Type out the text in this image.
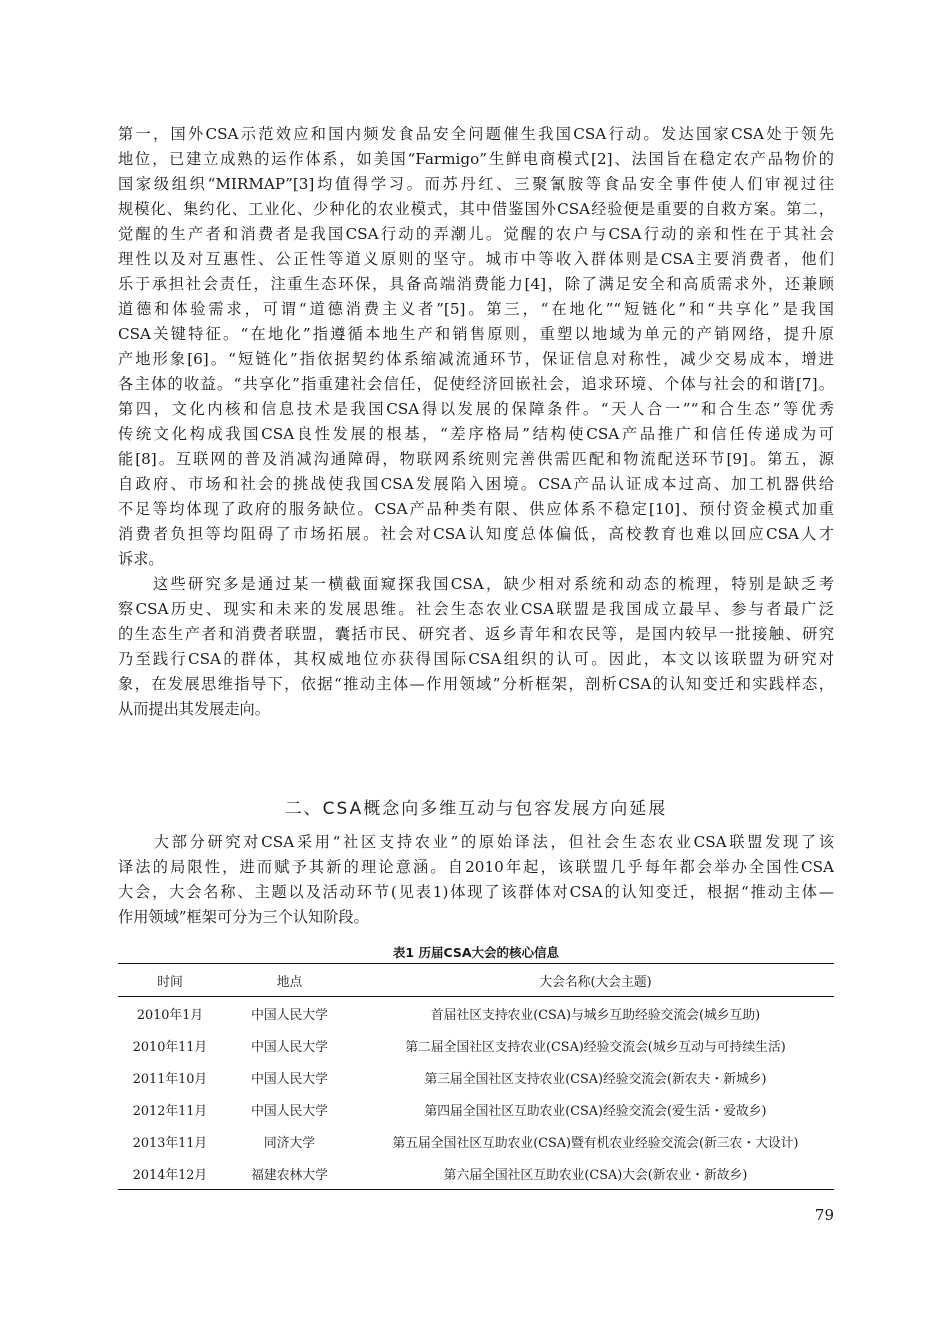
第一，国外CSA示范效应和国内频发食品安全问题催生我国CSA行动。发达国家CSA处于领先
地位，已建立成熟的运作体系，如美国“Farmigo”生鲜电商模式[2]、法国旨在稳定农产品物价的
国家级组织“MIRMAP”[3]均值得学习。而苏丹红、三聚氰胺等食品安全事件使人们审视过往
规模化、集约化、工业化、少种化的农业模式，其中借鉴国外CSA经验便是重要的自救方案。第二，
觉醒的生产者和消费者是我国CSA行动的弄潮儿。觉醒的农户与CSA行动的亲和性在于其社会
理性以及对互惠性、公正性等道义原则的坚守。城市中等收入群体则是CSA主要消费者，他们
乐于承担社会责任，注重生态环保，具备高端消费能力[4]，除了满足安全和高质需求外，还兼顾
道德和体验需求，可谓“道德消费主义者”[5]。第三，“在地化”“短链化”和“共享化”是我国
CSA关键特征。“在地化”指遵循本地生产和销售原则，重塑以地域为单元的产销网络，提升原
产地形象[6]。“短链化”指依据契约体系缩减流通环节，保证信息对称性，减少交易成本，增进
各主体的收益。“共享化”指重建社会信任，促使经济回嵌社会，追求环境、个体与社会的和谐[7]。
第四，文化内核和信息技术是我国CSA得以发展的保障条件。“天人合一”“和合生态”等优秀
传统文化构成我国CSA良性发展的根基，“差序格局”结构使CSA产品推广和信任传递成为可
能[8]。互联网的普及消减沟通障碍，物联网系统则完善供需匹配和物流配送环节[9]。第五，源
自政府、市场和社会的挑战使我国CSA发展陷入困境。CSA产品认证成本过高、加工机器供给
不足等均体现了政府的服务缺位。CSA产品种类有限、供应体系不稳定[10]、预付资金模式加重
消费者负担等均阻碍了市场拓展。社会对CSA认知度总体偏低，高校教育也难以回应CSA人才
诉求。
　　这些研究多是通过某一横截面窥探我国CSA，缺少相对系统和动态的梳理，特别是缺乏考
察CSA历史、现实和未来的发展思维。社会生态农业CSA联盟是我国成立最早、参与者最广泛
的生态生产者和消费者联盟，囊括市民、研究者、返乡青年和农民等，是国内较早一批接触、研究
乃至践行CSA的群体，其权威地位亦获得国际CSA组织的认可。因此，本文以该联盟为研究对
象，在发展思维指导下，依据“推动主体—作用领域”分析框架，剖析CSA的认知变迁和实践样态，
从而提出其发展走向。
二、CSA概念向多维互动与包容发展方向延展
　　大部分研究对CSA采用“社区支持农业”的原始译法，但社会生态农业CSA联盟发现了该
译法的局限性，进而赋予其新的理论意涵。自2010年起，该联盟几乎每年都会举办全国性CSA
大会，大会名称、主题以及活动环节(见表1)体现了该群体对CSA的认知变迁，根据“推动主体—
作用领域”框架可分为三个认知阶段。
表1 历届CSA大会的核心信息
时间	地点	大会名称(大会主题)
2010年1月	中国人民大学	首届社区支持农业(CSA)与城乡互助经验交流会(城乡互助)
2010年11月	中国人民大学	第二届全国社区支持农业(CSA)经验交流会(城乡互动与可持续生活)
2011年10月	中国人民大学	第三届全国社区支持农业(CSA)经验交流会(新农夫・新城乡)
2012年11月	中国人民大学	第四届全国社区互助农业(CSA)经验交流会(爱生活・爱故乡)
2013年11月	同济大学	第五届全国社区互助农业(CSA)暨有机农业经验交流会(新三农・大设计)
2014年12月	福建农林大学	第六届全国社区互助农业(CSA)大会(新农业・新故乡)
79
